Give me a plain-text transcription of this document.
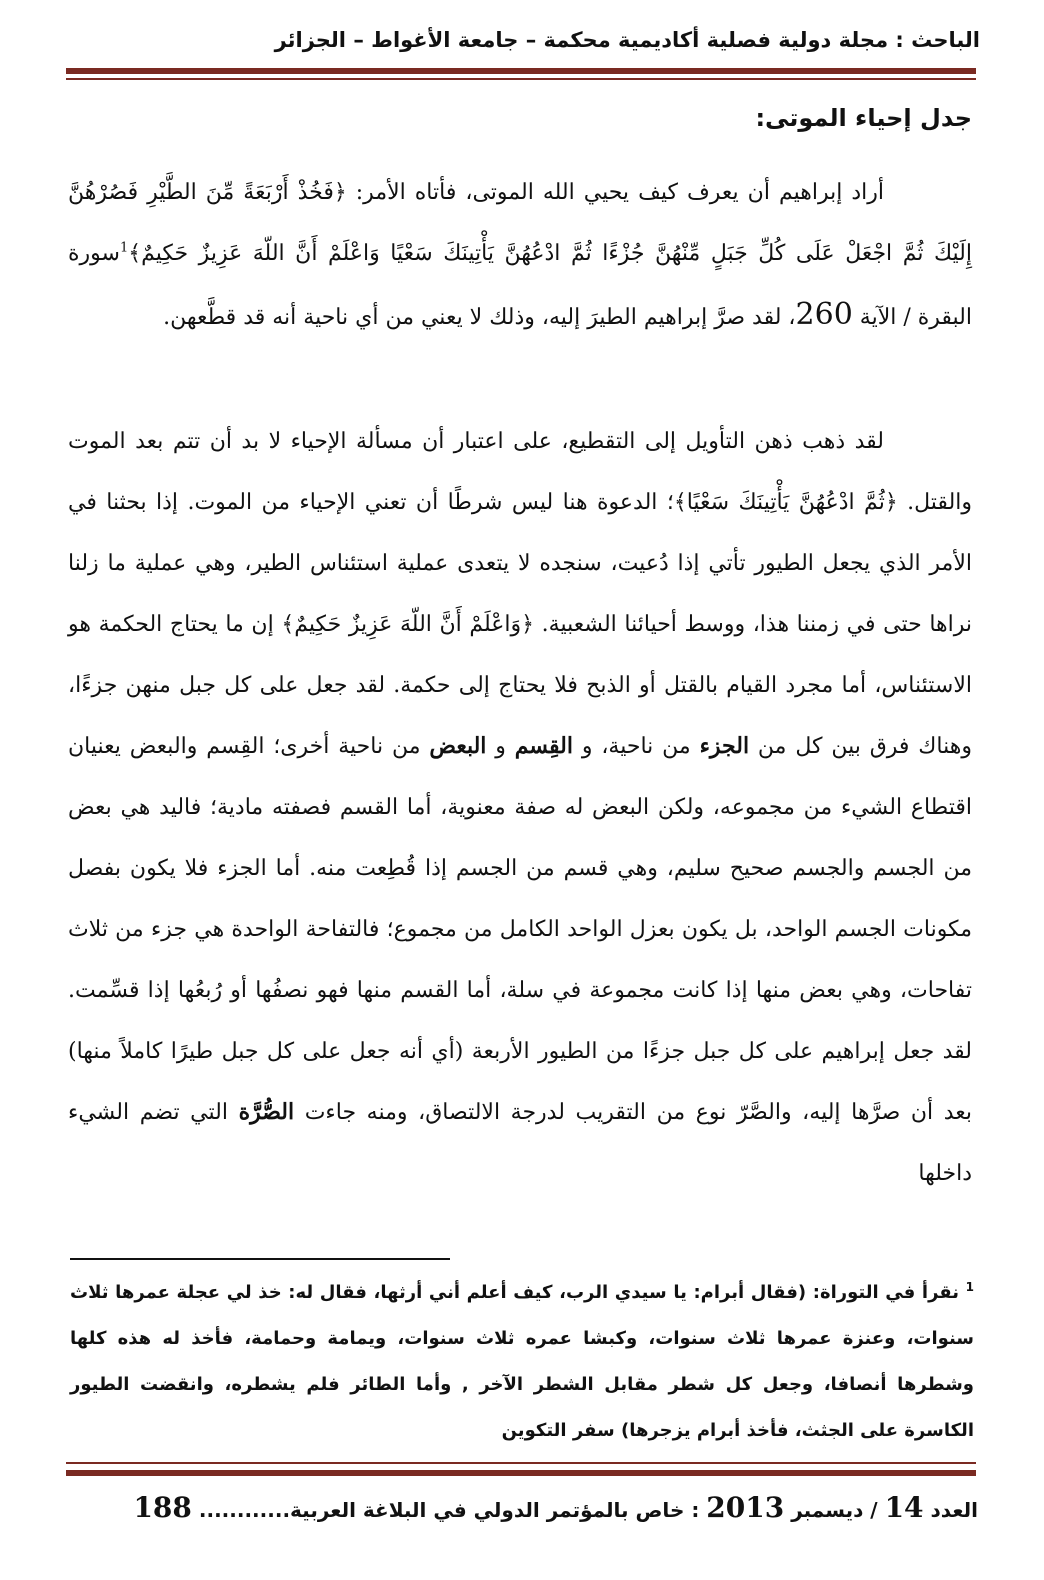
الباحث : مجلة دولية فصلية أكاديمية محكمة – جامعة الأغواط – الجزائر
جدل إحياء الموتى:

أراد إبراهيم أن يعرف كيف يحيي الله الموتى، فأتاه الأمر: ﴿فَخُذْ أَرْبَعَةً مِّنَ الطَّيْرِ فَصُرْهُنَّ إِلَيْكَ ثُمَّ اجْعَلْ عَلَى كُلِّ جَبَلٍ مِّنْهُنَّ جُزْءًا ثُمَّ ادْعُهُنَّ يَأْتِينَكَ سَعْيًا وَاعْلَمْ أَنَّ اللّهَ عَزِيزٌ حَكِيمٌ﴾$^1$سورة البقرة / الآية 260، لقد صرَّ إبراهيم الطيرَ إليه، وذلك لا يعني من أي ناحية أنه قد قطَّعهن.

لقد ذهب ذهن التأويل إلى التقطيع، على اعتبار أن مسألة الإحياء لا بد أن تتم بعد الموت والقتل. ﴿ثُمَّ ادْعُهُنَّ يَأْتِينَكَ سَعْيًا﴾؛ الدعوة هنا ليس شرطًا أن تعني الإحياء من الموت. إذا بحثنا في الأمر الذي يجعل الطيور تأتي إذا دُعيت، سنجده لا يتعدى عملية استئناس الطير، وهي عملية ما زلنا نراها حتى في زمننا هذا، ووسط أحيائنا الشعبية. ﴿وَاعْلَمْ أَنَّ اللّهَ عَزِيزٌ حَكِيمٌ﴾ إن ما يحتاج الحكمة هو الاستئناس، أما مجرد القيام بالقتل أو الذبح فلا يحتاج إلى حكمة. لقد جعل على كل جبل منهن جزءًا، وهناك فرق بين كل من الجزء من ناحية، و القِسم و البعض من ناحية أخرى؛ القِسم والبعض يعنيان اقتطاع الشيء من مجموعه، ولكن البعض له صفة معنوية، أما القسم فصفته مادية؛ فاليد هي بعض من الجسم والجسم صحيح سليم، وهي قسم من الجسم إذا قُطِعت منه. أما الجزء فلا يكون بفصل مكونات الجسم الواحد، بل يكون بعزل الواحد الكامل من مجموع؛ فالتفاحة الواحدة هي جزء من ثلاث تفاحات، وهي بعض منها إذا كانت مجموعة في سلة، أما القسم منها فهو نصفُها أو رُبعُها إذا قسِّمت. لقد جعل إبراهيم على كل جبل جزءًا من الطيور الأربعة (أي أنه جعل على كل جبل طيرًا كاملاً منها) بعد أن صرَّها إليه، والصَّرّ نوع من التقريب لدرجة الالتصاق، ومنه جاءت الصُّرَّة التي تضم الشيء داخلها

$^1$ نقرأ في التوراة: (فقال أبرام: يا سيدي الرب، كيف أعلم أني أرثها، فقال له: خذ لي عجلة عمرها ثلاث سنوات، وعنزة عمرها ثلاث سنوات، وكبشا عمره ثلاث سنوات، ويمامة وحمامة، فأخذ له هذه كلها وشطرها أنصافا، وجعل كل شطر مقابل الشطر الآخر , وأما الطائر فلم يشطره، وانقضت الطيور الكاسرة على الجثث، فأخذ أبرام يزجرها) سفر التكوين

العدد 14 / ديسمبر 2013 : خاص بالمؤتمر الدولي في البلاغة العربية............ 188
